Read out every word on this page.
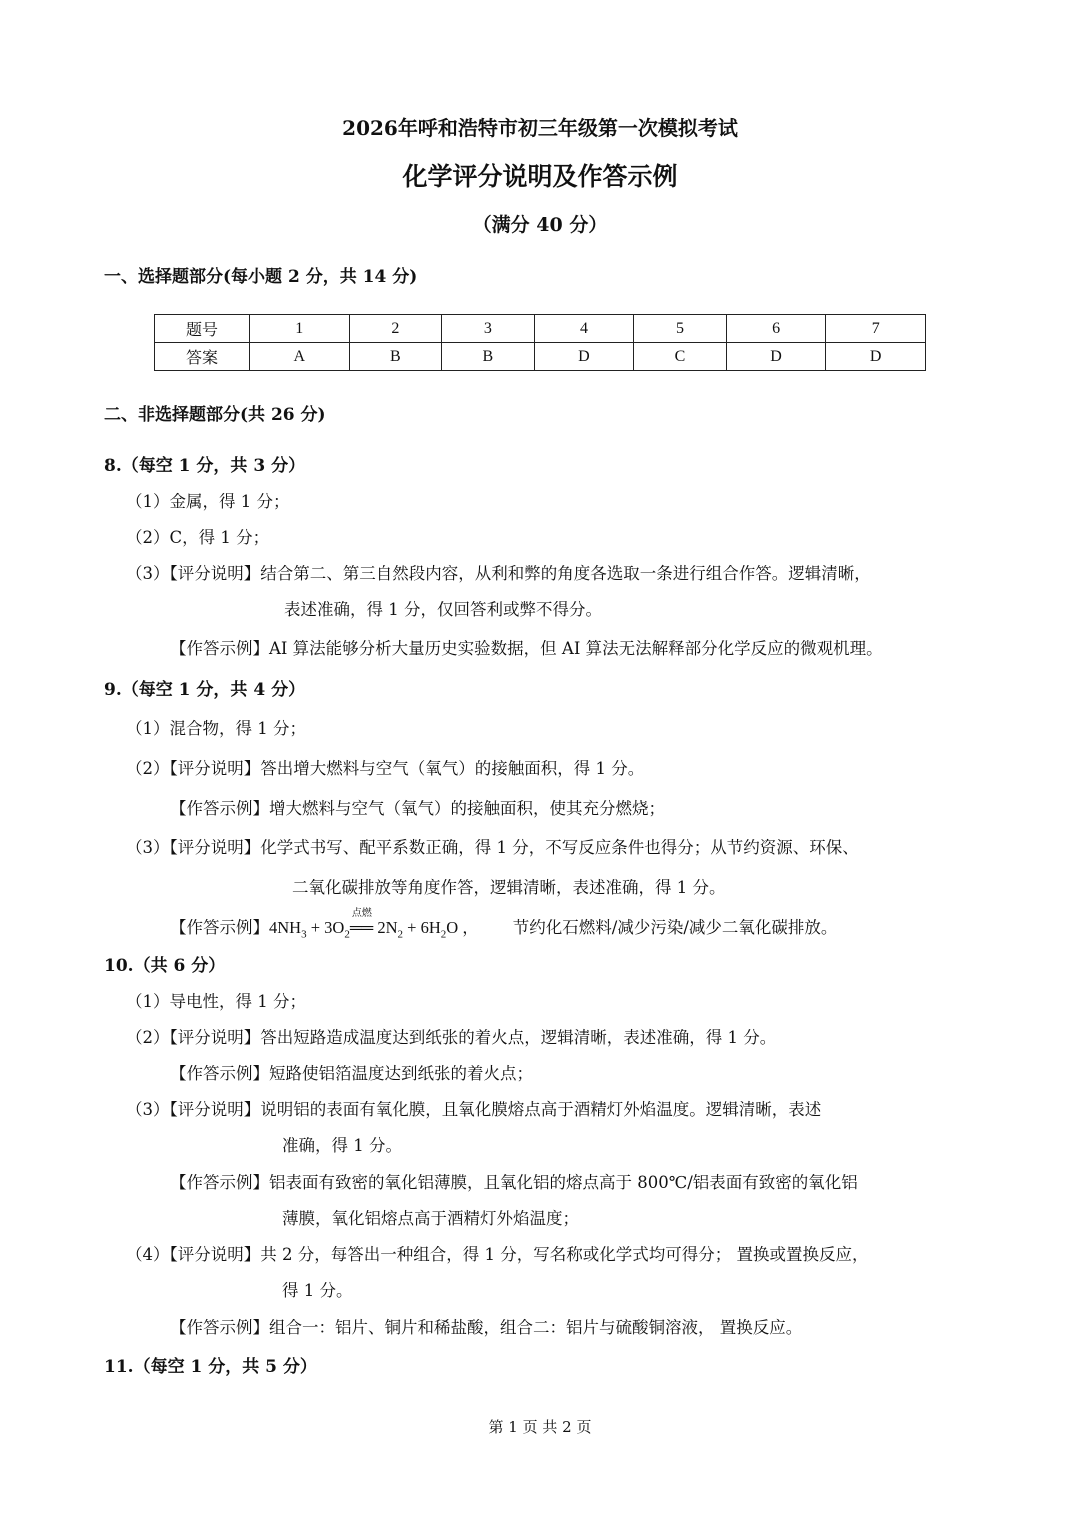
2026年呼和浩特市初三年级第一次模拟考试
化学评分说明及作答示例
（满分 40 分）
一、选择题部分(每小题 2 分，共 14 分)
题号	1	2	3	4	5	6	7
答案	A	B	B	D	C	D	D
二、非选择题部分(共 26 分)
8.（每空 1 分，共 3 分）
（1）金属，得 1 分；
（2）C，得 1 分；
（3）【评分说明】结合第二、第三自然段内容，从利和弊的角度各选取一条进行组合作答。逻辑清晰，
表述准确，得 1 分，仅回答利或弊不得分。
【作答示例】AI 算法能够分析大量历史实验数据，但 AI 算法无法解释部分化学反应的微观机理。
9.（每空 1 分，共 4 分）
（1）混合物，得 1 分；
（2）【评分说明】答出增大燃料与空气（氧气）的接触面积，得 1 分。
【作答示例】增大燃料与空气（氧气）的接触面积，使其充分燃烧；
（3）【评分说明】化学式书写、配平系数正确，得 1 分，不写反应条件也得分；从节约资源、环保、
二氧化碳排放等角度作答，逻辑清晰，表述准确，得 1 分。
【作答示例】$4NH_3 + 3O_2$
点燃
══ $2N_2 + 6H_2O$ ， 节约化石燃料/减少污染/减少二氧化碳排放。
10.（共 6 分）
（1）导电性，得 1 分；
（2）【评分说明】答出短路造成温度达到纸张的着火点，逻辑清晰，表述准确，得 1 分。
【作答示例】短路使铝箔温度达到纸张的着火点；
（3）【评分说明】说明铝的表面有氧化膜，且氧化膜熔点高于酒精灯外焰温度。逻辑清晰，表述
准确，得 1 分。
【作答示例】铝表面有致密的氧化铝薄膜，且氧化铝的熔点高于 800℃/铝表面有致密的氧化铝
薄膜，氧化铝熔点高于酒精灯外焰温度；
（4）【评分说明】共 2 分，每答出一种组合，得 1 分，写名称或化学式均可得分； 置换或置换反应，
得 1 分。
【作答示例】组合一：铝片、铜片和稀盐酸，组合二：铝片与硫酸铜溶液， 置换反应。
11.（每空 1 分，共 5 分）
第 1 页 共 2 页
